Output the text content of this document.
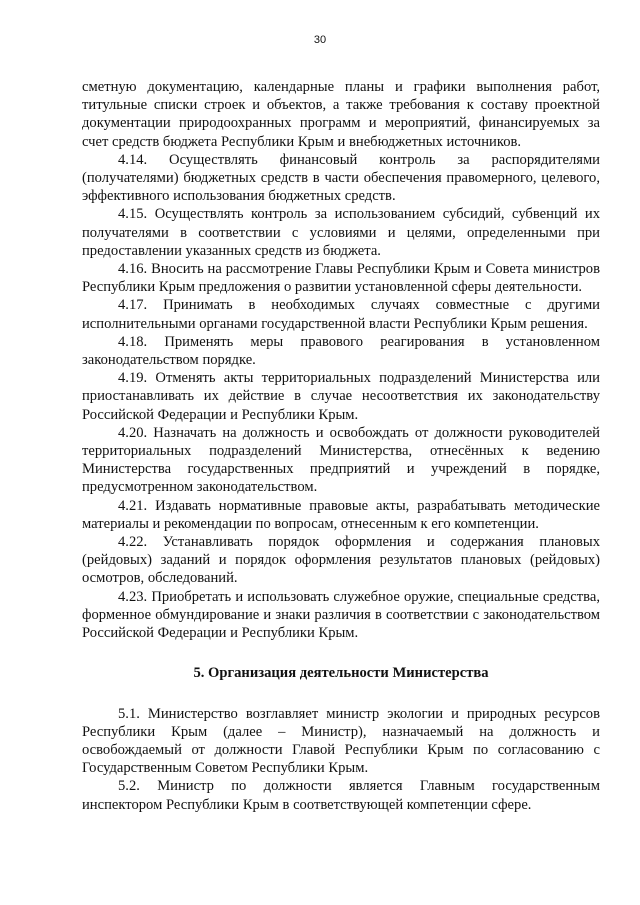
30

сметную документацию, календарные планы и графики выполнения работ, титульные списки строек и объектов, а также требования к составу проектной документации природоохранных программ и мероприятий, финансируемых за счет средств бюджета Республики Крым и внебюджетных источников.

4.14. Осуществлять финансовый контроль за распорядителями (получателями) бюджетных средств в части обеспечения правомерного, целевого, эффективного использования бюджетных средств.

4.15. Осуществлять контроль за использованием субсидий, субвенций их получателями в соответствии с условиями и целями, определенными при предоставлении указанных средств из бюджета.

4.16. Вносить на рассмотрение Главы Республики Крым и Совета министров Республики Крым предложения о развитии установленной сферы деятельности.

4.17. Принимать в необходимых случаях совместные с другими исполнительными органами государственной власти Республики Крым решения.

4.18. Применять меры правового реагирования в установленном законодательством порядке.

4.19. Отменять акты территориальных подразделений Министерства или приостанавливать их действие в случае несоответствия их законодательству Российской Федерации и Республики Крым.

4.20. Назначать на должность и освобождать от должности руководителей территориальных подразделений Министерства, отнесённых к ведению Министерства государственных предприятий и учреждений в порядке, предусмотренном законодательством.

4.21. Издавать нормативные правовые акты, разрабатывать методические материалы и рекомендации по вопросам, отнесенным к его компетенции.

4.22. Устанавливать порядок оформления и содержания плановых (рейдовых) заданий и порядок оформления результатов плановых (рейдовых) осмотров, обследований.

4.23. Приобретать и использовать служебное оружие, специальные средства, форменное обмундирование и знаки различия в соответствии с законодательством Российской Федерации и Республики Крым.

5. Организация деятельности Министерства

5.1. Министерство возглавляет министр экологии и природных ресурсов Республики Крым (далее – Министр), назначаемый на должность и освобождаемый от должности Главой Республики Крым по согласованию с Государственным Советом Республики Крым.

5.2. Министр по должности является Главным государственным инспектором Республики Крым в соответствующей компетенции сфере.
